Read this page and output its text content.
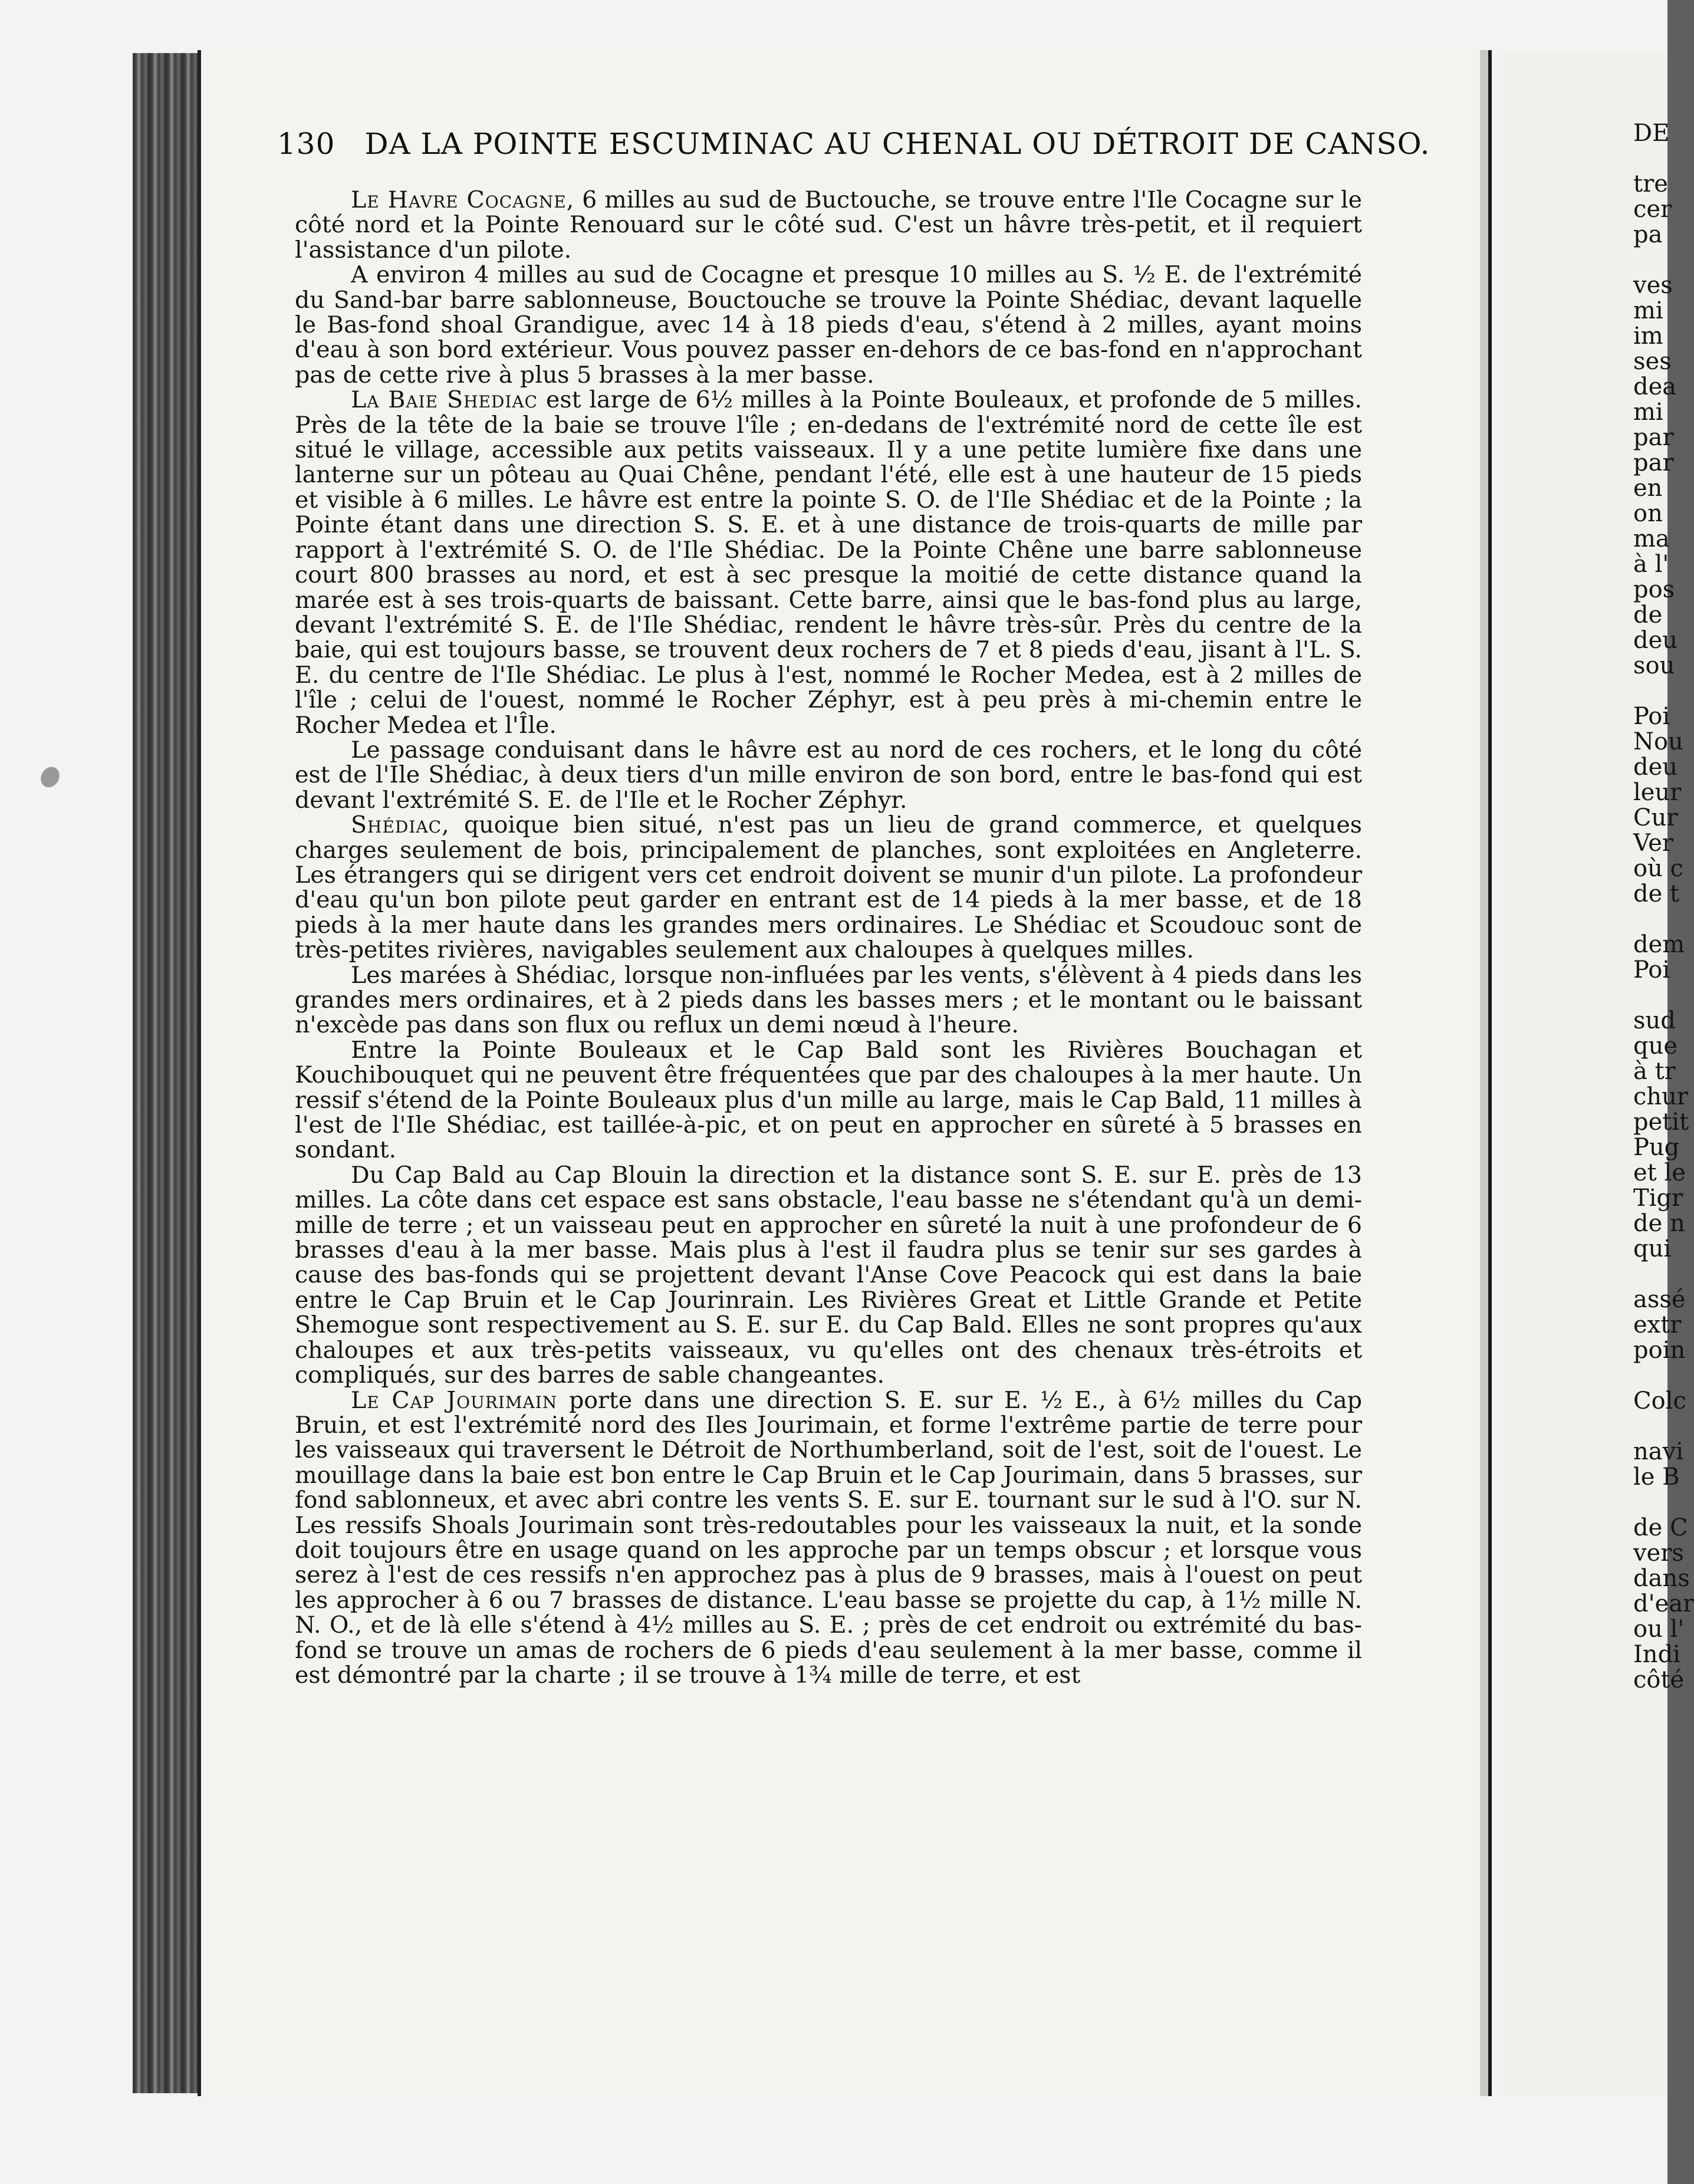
130 DA LA POINTE ESCUMINAC AU CHENAL OU DÉTROIT DE CANSO.

Le Havre Cocagne, 6 milles au sud de Buctouche, se trouve entre l'Ile Cocagne sur le côté nord et la Pointe Renouard sur le côté sud. C'est un hâvre très-petit, et il requiert l'assistance d'un pilote.

A environ 4 milles au sud de Cocagne et presque 10 milles au S. ½ E. de l'extrémité du Sand-bar barre sablonneuse, Bouctouche se trouve la Pointe Shédiac, devant laquelle le Bas-fond shoal Grandigue, avec 14 à 18 pieds d'eau, s'étend à 2 milles, ayant moins d'eau à son bord extérieur. Vous pouvez passer en-dehors de ce bas-fond en n'approchant pas de cette rive à plus 5 brasses à la mer basse.

La Baie Shediac est large de 6½ milles à la Pointe Bouleaux, et profonde de 5 milles. Près de la tête de la baie se trouve l'île ; en-dedans de l'extrémité nord de cette île est situé le village, accessible aux petits vaisseaux. Il y a une petite lumière fixe dans une lanterne sur un pôteau au Quai Chêne, pendant l'été, elle est à une hauteur de 15 pieds et visible à 6 milles. Le hâvre est entre la pointe S. O. de l'Ile Shédiac et de la Pointe ; la Pointe étant dans une direction S. S. E. et à une distance de trois-quarts de mille par rapport à l'extrémité S. O. de l'Ile Shédiac. De la Pointe Chêne une barre sablonneuse court 800 brasses au nord, et est à sec presque la moitié de cette distance quand la marée est à ses trois-quarts de baissant. Cette barre, ainsi que le bas-fond plus au large, devant l'extrémité S. E. de l'Ile Shédiac, rendent le hâvre très-sûr. Près du centre de la baie, qui est toujours basse, se trouvent deux rochers de 7 et 8 pieds d'eau, jisant à l'L. S. E. du centre de l'Ile Shédiac. Le plus à l'est, nommé le Rocher Medea, est à 2 milles de l'île ; celui de l'ouest, nommé le Rocher Zéphyr, est à peu près à mi-chemin entre le Rocher Medea et l'Île.

Le passage conduisant dans le hâvre est au nord de ces rochers, et le long du côté est de l'Ile Shédiac, à deux tiers d'un mille environ de son bord, entre le bas-fond qui est devant l'extrémité S. E. de l'Ile et le Rocher Zéphyr.

Shédiac, quoique bien situé, n'est pas un lieu de grand commerce, et quelques charges seulement de bois, principalement de planches, sont exploitées en Angleterre. Les étrangers qui se dirigent vers cet endroit doivent se munir d'un pilote. La profondeur d'eau qu'un bon pilote peut garder en entrant est de 14 pieds à la mer basse, et de 18 pieds à la mer haute dans les grandes mers ordinaires. Le Shédiac et Scoudouc sont de très-petites rivières, navigables seulement aux chaloupes à quelques milles.

Les marées à Shédiac, lorsque non-influées par les vents, s'élèvent à 4 pieds dans les grandes mers ordinaires, et à 2 pieds dans les basses mers ; et le montant ou le baissant n'excède pas dans son flux ou reflux un demi nœud à l'heure.

Entre la Pointe Bouleaux et le Cap Bald sont les Rivières Bouchagan et Kouchibouquet qui ne peuvent être fréquentées que par des chaloupes à la mer haute. Un ressif s'étend de la Pointe Bouleaux plus d'un mille au large, mais le Cap Bald, 11 milles à l'est de l'Ile Shédiac, est taillée-à-pic, et on peut en approcher en sûreté à 5 brasses en sondant.

Du Cap Bald au Cap Blouin la direction et la distance sont S. E. sur E. près de 13 milles. La côte dans cet espace est sans obstacle, l'eau basse ne s'étendant qu'à un demi-mille de terre ; et un vaisseau peut en approcher en sûreté la nuit à une profondeur de 6 brasses d'eau à la mer basse. Mais plus à l'est il faudra plus se tenir sur ses gardes à cause des bas-fonds qui se projettent devant l'Anse Cove Peacock qui est dans la baie entre le Cap Bruin et le Cap Jourinrain. Les Rivières Great et Little Grande et Petite Shemogue sont respectivement au S. E. sur E. du Cap Bald. Elles ne sont propres qu'aux chaloupes et aux très-petits vaisseaux, vu qu'elles ont des chenaux très-étroits et compliqués, sur des barres de sable changeantes.

Le Cap Jourimain porte dans une direction S. E. sur E. ½ E., à 6½ milles du Cap Bruin, et est l'extrémité nord des Iles Jourimain, et forme l'extrême partie de terre pour les vaisseaux qui traversent le Détroit de Northumberland, soit de l'est, soit de l'ouest. Le mouillage dans la baie est bon entre le Cap Bruin et le Cap Jourimain, dans 5 brasses, sur fond sablonneux, et avec abri contre les vents S. E. sur E. tournant sur le sud à l'O. sur N. Les ressifs Shoals Jourimain sont très-redoutables pour les vaisseaux la nuit, et la sonde doit toujours être en usage quand on les approche par un temps obscur ; et lorsque vous serez à l'est de ces ressifs n'en approchez pas à plus de 9 brasses, mais à l'ouest on peut les approcher à 6 ou 7 brasses de distance. L'eau basse se projette du cap, à 1½ mille N. N. O., et de là elle s'étend à 4½ milles au S. E. ; près de cet endroit ou extrémité du bas-fond se trouve un amas de rochers de 6 pieds d'eau seulement à la mer basse, comme il est démontré par la charte ; il se trouve à 1¾ mille de terre, et est

DE
tre
cer
pa
ves
mi
im
ses
dea
mi
par
par
en
on
ma
à l'
pos
de
deu
sou
Poi
Nou
deu
leur
Cur
Ver
où c
de t
dem
Poi
sud
que
à tr
chur
petit
Pug
et le
Tigr
de n
qui
assé
extr
poin
Colc
navi
le B
de C
vers
dans
d'ear
ou l'
Indi
côté
